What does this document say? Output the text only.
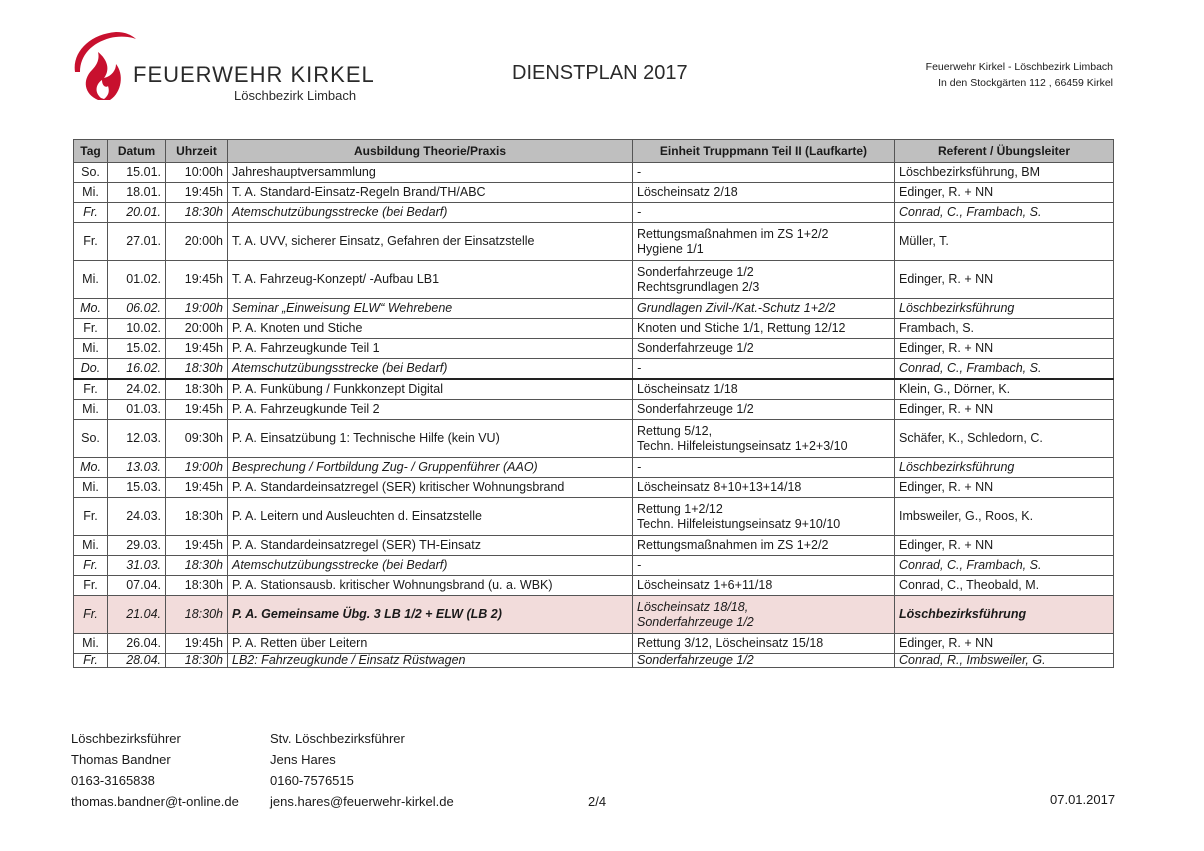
FEUERWEHR KIRKEL
Löschbezirk Limbach
DIENSTPLAN 2017	Feuerwehr Kirkel - Löschbezirk Limbach
In den Stockgärten 112 , 66459 Kirkel
Tag	Datum	Uhrzeit	Ausbildung Theorie/Praxis	Einheit Truppmann Teil II (Laufkarte)	Referent / Übungsleiter
So.	15.01.	10:00h	Jahreshauptversammlung	-	Löschbezirksführung, BM
Mi.	18.01.	19:45h	T. A. Standard-Einsatz-Regeln Brand/TH/ABC	Löscheinsatz 2/18	Edinger, R. + NN
Fr.	20.01.	18:30h	Atemschutzübungsstrecke (bei Bedarf)	-	Conrad, C., Frambach, S.
Fr.	27.01.	20:00h	T. A. UVV, sicherer Einsatz, Gefahren der Einsatzstelle	Rettungsmaßnahmen im ZS 1+2/2
Hygiene 1/1	Müller, T.
Mi.	01.02.	19:45h	T. A. Fahrzeug-Konzept/ -Aufbau LB1	Sonderfahrzeuge 1/2
Rechtsgrundlagen 2/3	Edinger, R. + NN
Mo.	06.02.	19:00h	Seminar „Einweisung ELW“ Wehrebene	Grundlagen Zivil-/Kat.-Schutz 1+2/2	Löschbezirksführung
Fr.	10.02.	20:00h	P. A. Knoten und Stiche	Knoten und Stiche 1/1, Rettung 12/12	Frambach, S.
Mi.	15.02.	19:45h	P. A. Fahrzeugkunde Teil 1	Sonderfahrzeuge 1/2	Edinger, R. + NN
Do.	16.02.	18:30h	Atemschutzübungsstrecke (bei Bedarf)	-	Conrad, C., Frambach, S.
Fr.	24.02.	18:30h	P. A. Funkübung / Funkkonzept Digital	Löscheinsatz 1/18	Klein, G., Dörner, K.
Mi.	01.03.	19:45h	P. A. Fahrzeugkunde Teil 2	Sonderfahrzeuge 1/2	Edinger, R. + NN
So.	12.03.	09:30h	P. A. Einsatzübung 1: Technische Hilfe (kein VU)	Rettung 5/12,
Techn. Hilfeleistungseinsatz 1+2+3/10	Schäfer, K., Schledorn, C.
Mo.	13.03.	19:00h	Besprechung / Fortbildung Zug- / Gruppenführer (AAO)	-	Löschbezirksführung
Mi.	15.03.	19:45h	P. A. Standardeinsatzregel (SER) kritischer Wohnungsbrand	Löscheinsatz 8+10+13+14/18	Edinger, R. + NN
Fr.	24.03.	18:30h	P. A. Leitern und Ausleuchten d. Einsatzstelle	Rettung 1+2/12
Techn. Hilfeleistungseinsatz 9+10/10	Imbsweiler, G., Roos, K.
Mi.	29.03.	19:45h	P. A. Standardeinsatzregel (SER) TH-Einsatz	Rettungsmaßnahmen im ZS 1+2/2	Edinger, R. + NN
Fr.	31.03.	18:30h	Atemschutzübungsstrecke (bei Bedarf)	-	Conrad, C., Frambach, S.
Fr.	07.04.	18:30h	P. A. Stationsausb. kritischer Wohnungsbrand (u. a. WBK)	Löscheinsatz 1+6+11/18	Conrad, C., Theobald, M.
Fr.	21.04.	18:30h	P. A. Gemeinsame Übg. 3 LB 1/2 + ELW (LB 2)	Löscheinsatz 18/18,
Sonderfahrzeuge 1/2	Löschbezirksführung
Mi.	26.04.	19:45h	P. A. Retten über Leitern	Rettung 3/12, Löscheinsatz 15/18	Edinger, R. + NN
Fr.	28.04.	18:30h	LB2: Fahrzeugkunde / Einsatz Rüstwagen	Sonderfahrzeuge 1/2	Conrad, R., Imbsweiler, G.
Löschbezirksführer
Thomas Bandner
0163-3165838
thomas.bandner@t-online.de
Stv. Löschbezirksführer
Jens Hares
0160-7576515
jens.hares@feuerwehr-kirkel.de	2/4	07.01.2017
